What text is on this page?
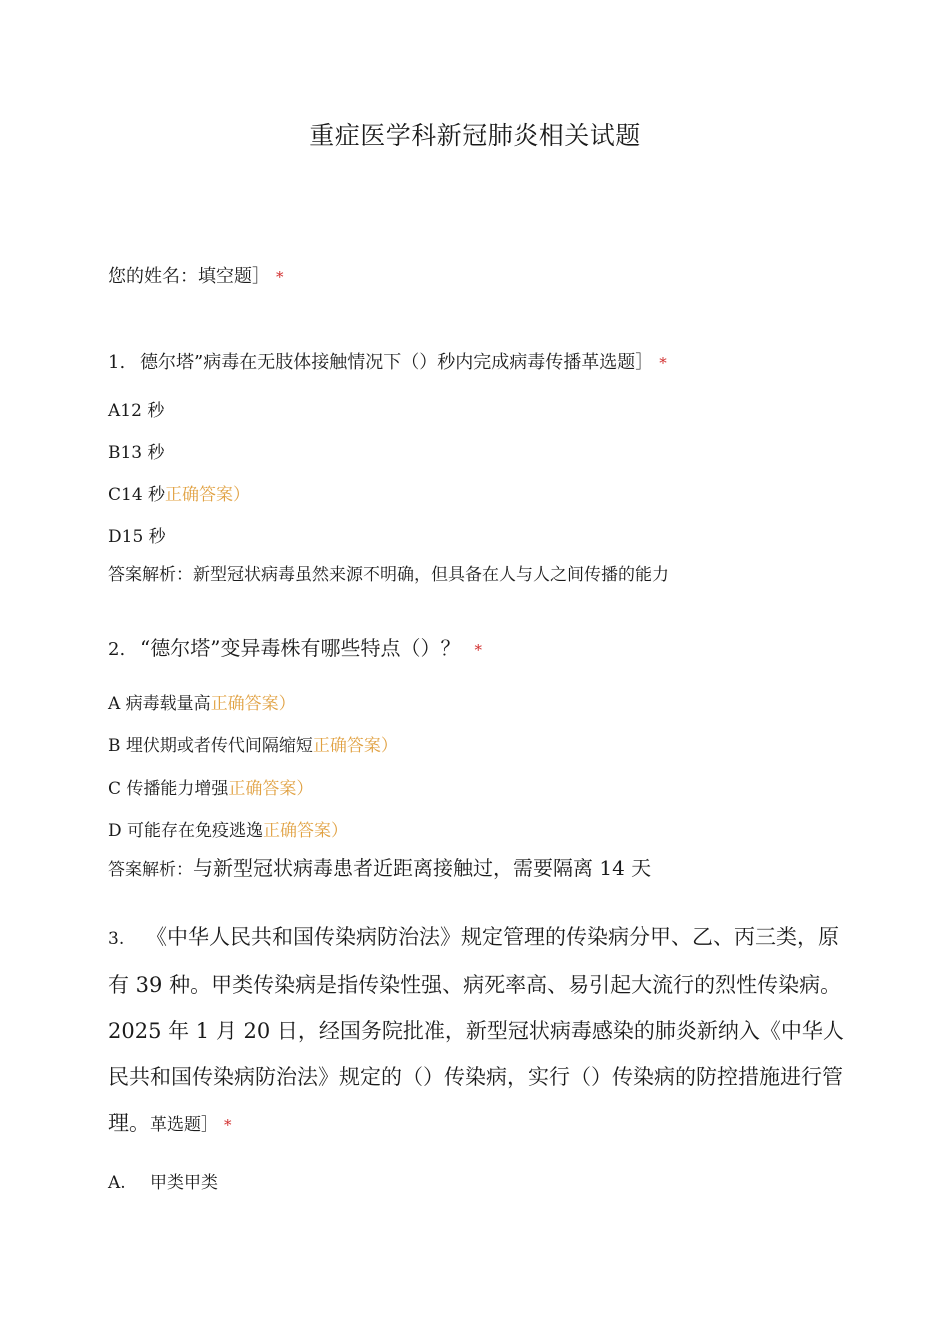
重症医学科新冠肺炎相关试题
您的姓名：填空题］ *
1. 德尔塔”病毒在无肢体接触情况下（）秒内完成病毒传播革选题］ *
A12 秒
B13 秒
C14 秒正确答案）
D15 秒
答案解析：新型冠状病毒虽然来源不明确，但具备在人与人之间传播的能力
2. “德尔塔”变异毒株有哪些特点（）？ *
A 病毒载量高正确答案）
B 埋伏期或者传代间隔缩短正确答案）
C 传播能力增强正确答案）
D 可能存在免疫逃逸正确答案）
答案解析：与新型冠状病毒患者近距离接触过，需要隔离 14 天
3. 《中华人民共和国传染病防治法》规定管理的传染病分甲、乙、丙三类，原有 39 种。甲类传染病是指传染性强、病死率高、易引起大流行的烈性传染病。2025 年 1 月 20 日，经国务院批准，新型冠状病毒感染的肺炎新纳入《中华人民共和国传染病防治法》规定的（）传染病，实行（）传染病的防控措施进行管理。革选题］ *
A. 甲类甲类
